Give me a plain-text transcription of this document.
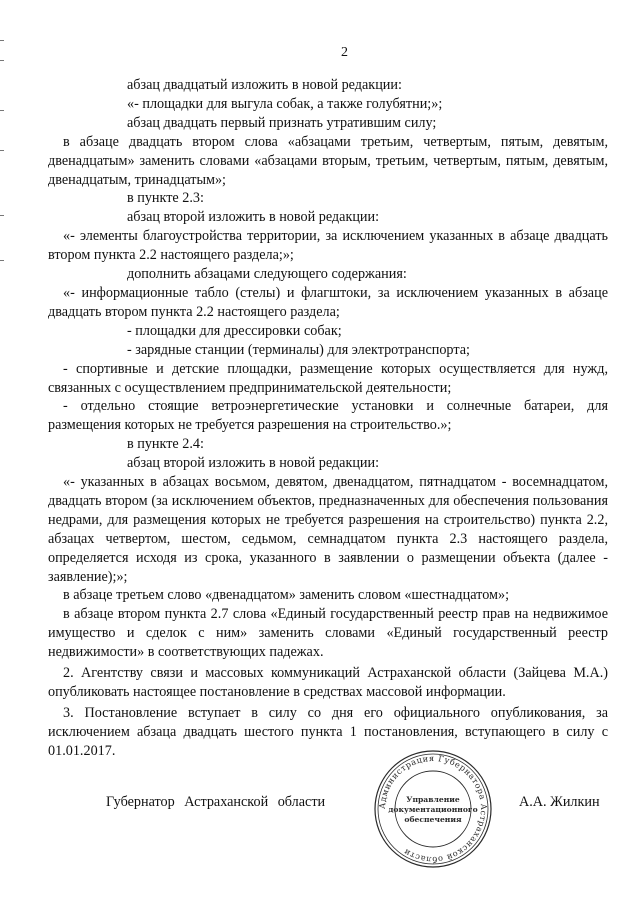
2

абзац двадцатый изложить в новой редакции:

«- площадки для выгула собак, а также голубятни;»;

абзац двадцать первый признать утратившим силу;

в абзаце двадцать втором слова «абзацами третьим, четвертым, пятым, девятым, двенадцатым» заменить словами «абзацами вторым, третьим, четвертым, пятым, девятым, двенадцатым, тринадцатым»;

в пункте 2.3:

абзац второй изложить в новой редакции:

«- элементы благоустройства территории, за исключением указанных в абзаце двадцать втором пункта 2.2 настоящего раздела;»;

дополнить абзацами следующего содержания:

«- информационные табло (стелы) и флагштоки, за исключением указанных в абзаце двадцать втором пункта 2.2 настоящего раздела;

- площадки для дрессировки собак;

- зарядные станции (терминалы) для электротранспорта;

- спортивные и детские площадки, размещение которых осуществляется для нужд, связанных с осуществлением предпринимательской деятельности;

- отдельно стоящие ветроэнергетические установки и солнечные батареи, для размещения которых не требуется разрешения на строительство.»;

в пункте 2.4:

абзац второй изложить в новой редакции:

«- указанных в абзацах восьмом, девятом, двенадцатом, пятнадцатом - восемнадцатом, двадцать втором (за исключением объектов, предназначенных для обеспечения пользования недрами, для размещения которых не требуется разрешения на строительство) пункта 2.2, абзацах четвертом, шестом, седьмом, семнадцатом пункта 2.3 настоящего раздела, определяется исходя из срока, указанного в заявлении о размещении объекта (далее - заявление);»;

в абзаце третьем слово «двенадцатом» заменить словом «шестнадцатом»;

в абзаце втором пункта 2.7 слова «Единый государственный реестр прав на недвижимое имущество и сделок с ним» заменить словами «Единый государственный реестр недвижимости» в соответствующих падежах.

2. Агентству связи и массовых коммуникаций Астраханской области (Зайцева М.А.) опубликовать настоящее постановление в средствах массовой информации.

3. Постановление вступает в силу со дня его официального опубликования, за исключением абзаца двадцать шестого пункта 1 постановления, вступающего в силу с 01.01.2017.

Губернатор Астраханской области	Администрация Губернатора Астраханской области
Управление
документационного
обеспечения
А.А. Жилкин
